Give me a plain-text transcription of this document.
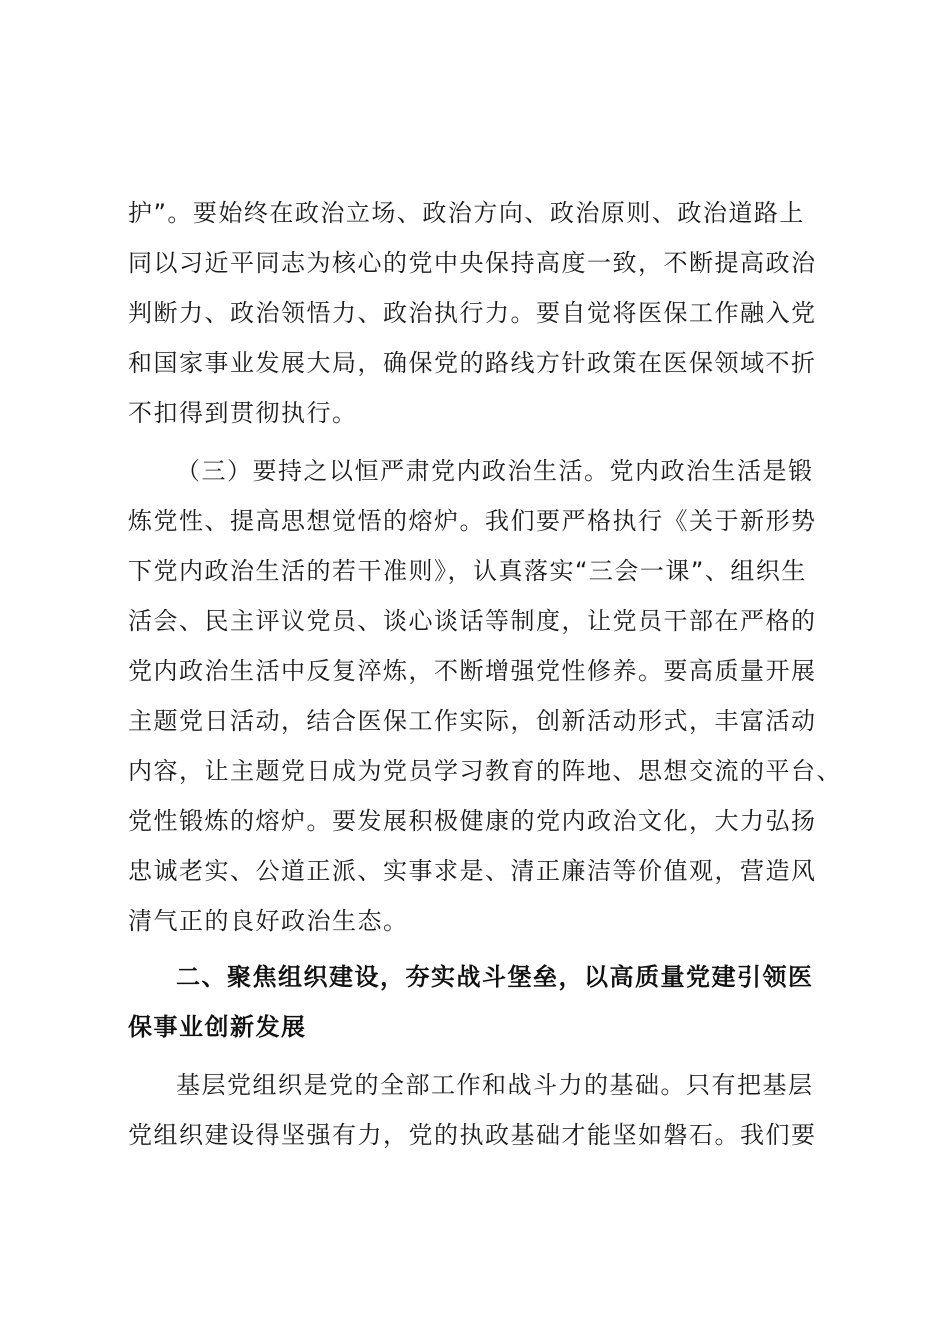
护”。要始终在政治立场、政治方向、政治原则、政治道路上

同以习近平同志为核心的党中央保持高度一致，不断提高政治

判断力、政治领悟力、政治执行力。要自觉将医保工作融入党

和国家事业发展大局，确保党的路线方针政策在医保领域不折

不扣得到贯彻执行。

（三）要持之以恒严肃党内政治生活。党内政治生活是锻

炼党性、提高思想觉悟的熔炉。我们要严格执行《关于新形势

下党内政治生活的若干准则》，认真落实“三会一课”、组织生

活会、民主评议党员、谈心谈话等制度，让党员干部在严格的

党内政治生活中反复淬炼，不断增强党性修养。要高质量开展

主题党日活动，结合医保工作实际，创新活动形式，丰富活动

内容，让主题党日成为党员学习教育的阵地、思想交流的平台、

党性锻炼的熔炉。要发展积极健康的党内政治文化，大力弘扬

忠诚老实、公道正派、实事求是、清正廉洁等价值观，营造风

清气正的良好政治生态。

二、聚焦组织建设，夯实战斗堡垒，以高质量党建引领医

保事业创新发展

基层党组织是党的全部工作和战斗力的基础。只有把基层

党组织建设得坚强有力，党的执政基础才能坚如磐石。我们要
